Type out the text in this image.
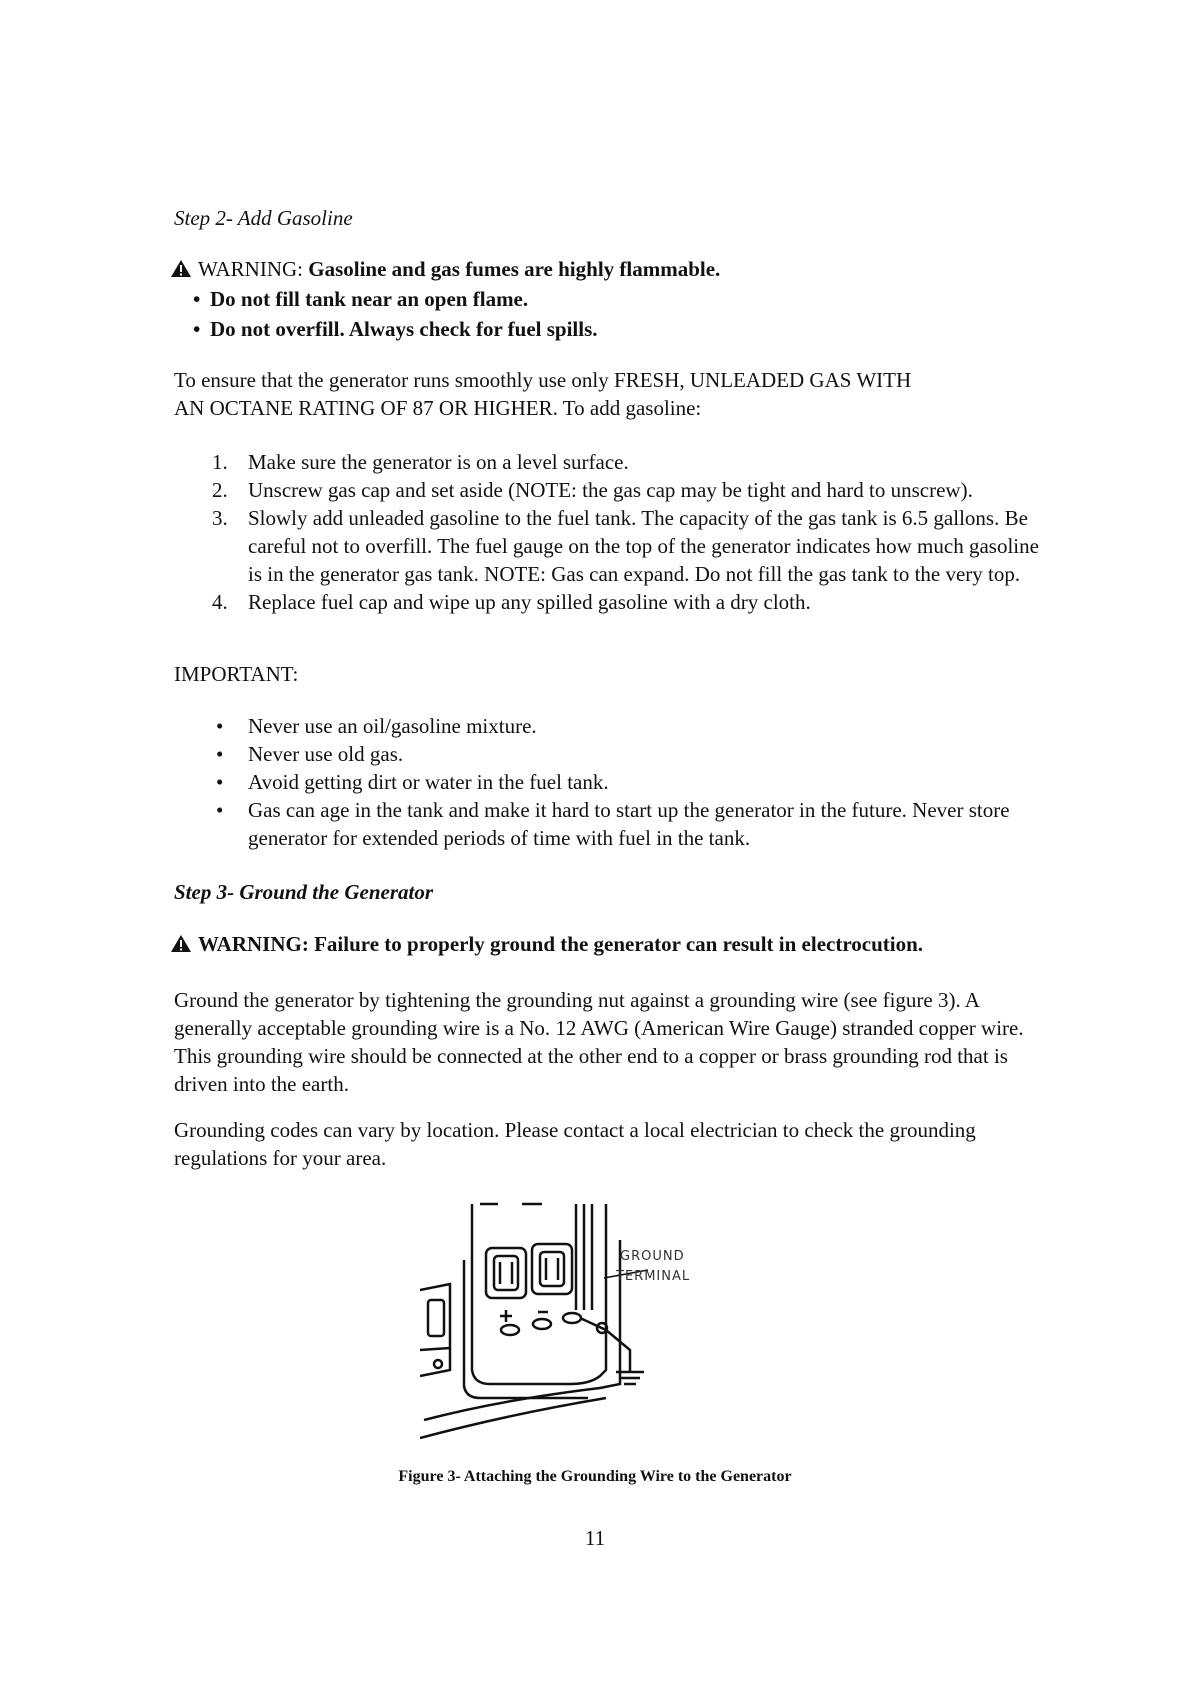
Step 2- Add Gasoline

WARNING: Gasoline and gas fumes are highly flammable.

• Do not fill tank near an open flame.

• Do not overfill. Always check for fuel spills.

To ensure that the generator runs smoothly use only FRESH, UNLEADED GAS WITH
AN OCTANE RATING OF 87 OR HIGHER. To add gasoline:

1. Make sure the generator is on a level surface.
2. Unscrew gas cap and set aside (NOTE: the gas cap may be tight and hard to unscrew).
3. Slowly add unleaded gasoline to the fuel tank. The capacity of the gas tank is 6.5 gallons. Be careful not to overfill. The fuel gauge on the top of the generator indicates how much gasoline is in the generator gas tank. NOTE: Gas can expand. Do not fill the gas tank to the very top.
4. Replace fuel cap and wipe up any spilled gasoline with a dry cloth.

IMPORTANT:

• Never use an oil/gasoline mixture.
• Never use old gas.
• Avoid getting dirt or water in the fuel tank.
• Gas can age in the tank and make it hard to start up the generator in the future. Never store generator for extended periods of time with fuel in the tank.

Step 3- Ground the Generator

WARNING: Failure to properly ground the generator can result in electrocution.

Ground the generator by tightening the grounding nut against a grounding wire (see figure 3). A generally acceptable grounding wire is a No. 12 AWG (American Wire Gauge) stranded copper wire. This grounding wire should be connected at the other end to a copper or brass grounding rod that is driven into the earth.

Grounding codes can vary by location. Please contact a local electrician to check the grounding regulations for your area.

GROUND
TERMINAL

Figure 3- Attaching the Grounding Wire to the Generator

11
